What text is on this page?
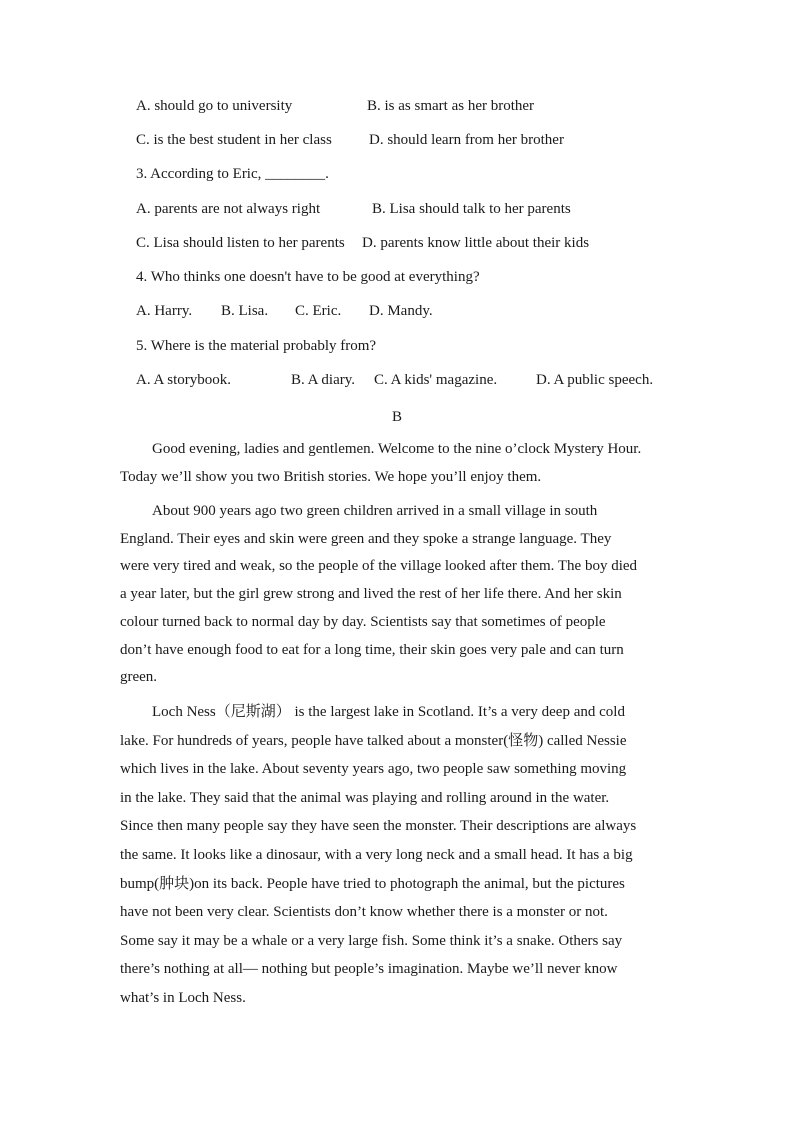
A. should go to university	B. is as smart as her brother
C. is the best student in her class D. should learn from her brother
3. According to Eric, ________.
A. parents are not always right	B. Lisa should talk to her parents
C. Lisa should listen to her parents D. parents know little about their kids
4. Who thinks one doesn't have to be good at everything?
A. Harry. B. Lisa. C. Eric. D. Mandy.
5. Where is the material probably from?
A. A storybook.	B. A diary. C. A kids' magazine.	D. A public speech.
B
Good evening, ladies and gentlemen. Welcome to the nine o’clock Mystery Hour.
Today we’ll show you two British stories. We hope you’ll enjoy them.
About 900 years ago two green children arrived in a small village in south
England. Their eyes and skin were green and they spoke a strange language. They
were very tired and weak, so the people of the village looked after them. The boy died
a year later, but the girl grew strong and lived the rest of her life there. And her skin
colour turned back to normal day by day. Scientists say that sometimes of people
don’t have enough food to eat for a long time, their skin goes very pale and can turn
green.
Loch Ness（尼斯湖） is the largest lake in Scotland. It’s a very deep and cold
lake. For hundreds of years, people have talked about a monster(怪物) called Nessie
which lives in the lake. About seventy years ago, two people saw something moving
in the lake. They said that the animal was playing and rolling around in the water.
Since then many people say they have seen the monster. Their descriptions are always
the same. It looks like a dinosaur, with a very long neck and a small head. It has a big
bump(肿块)on its back. People have tried to photograph the animal, but the pictures
have not been very clear. Scientists don’t know whether there is a monster or not.
Some say it may be a whale or a very large fish. Some think it’s a snake. Others say
there’s nothing at all— nothing but people’s imagination. Maybe we’ll never know
what’s in Loch Ness.
